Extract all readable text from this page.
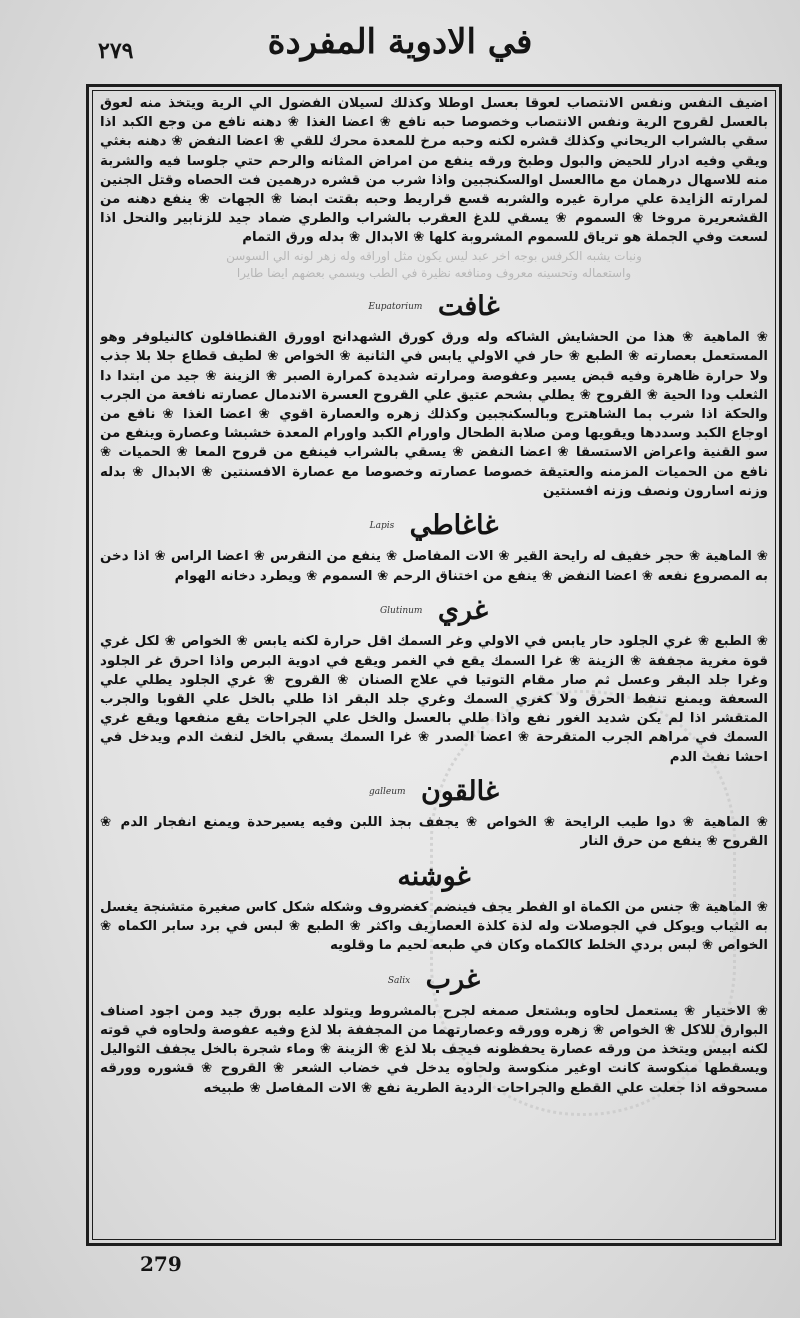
٢٧٩	في الادوية المفردة

اضيف النفس ونفس الانتصاب لعوقا بعسل اوطلا وكذلك لسيلان الفضول الي الرية ويتخذ منه لعوق بالعسل لقروح الرية ونفس الانتصاب وخصوصا حبه نافع ❀ اعضا الغذا ❀ دهنه نافع من وجع الكبد اذا سقي بالشراب الريحاني وكذلك قشره لكنه وحبه مرخ للمعدة محرك للقي ❀ اعضا النفض ❀ دهنه بغثي ويقي وفيه ادرار للحيض والبول وطبخ ورقه ينفع من امراض المثانه والرحم حتي جلوسا فيه والشربة منه للاسهال درهمان مع ماالعسل اوالسكنجبين واذا شرب من قشره درهمين فت الحصاه وقتل الجنين لمرارته الزايدة علي مرارة غيره والشربه قسع قراريط وحبه بقتت ابضا ❀ الجهات ❀ ينفع دهنه من القشعريرة مروخا ❀ السموم ❀ يسقي للدغ العقرب بالشراب والطري ضماد جيد للزنابير والنحل اذا لسعت وفي الجملة هو ترياق للسموم المشروبة كلها ❀ الابدال ❀ بدله ورق التمام

ونبات يشبه الكرفس بوجه اخر عبد ليس يكون مثل اوراقه وله زهر لونه الي السوسن
واستعماله وتحسينه معروف ومنافعه نظيرة في الطب ويسمي بعضهم ايضا طايرا
غافت Eupatorium

❀ الماهية ❀ هذا من الحشايش الشاكه وله ورق كورق الشهدانج اوورق القنطافلون كالنيلوفر وهو المستعمل بعصارته ❀ الطبع ❀ حار في الاولي يابس في الثانية ❀ الخواص ❀ لطيف قطاع جلا بلا جذب ولا حرارة ظاهرة وفيه قبض يسير وعفوصة ومرارته شديدة كمرارة الصبر ❀ الزينة ❀ جيد من ابتدا دا الثعلب ودا الحية ❀ القروح ❀ يطلي بشحم عتيق علي القروح العسرة الاندمال عصارته نافعة من الجرب والحكة اذا شرب بما الشاهترج وبالسكنجبين وكذلك زهره والعصارة اقوي ❀ اعضا الغذا ❀ نافع من اوجاع الكبد وسددها ويقويها ومن صلابة الطحال واورام الكبد واورام المعدة خشبشا وعصارة وينفع من سو القنية واعراض الاستسقا ❀ اعضا النفض ❀ يسقي بالشراب فينفع من قروح المعا ❀ الحميات ❀ نافع من الحميات المزمنه والعتيقة خصوصا عصارته وخصوصا مع عصارة الافسنتين ❀ الابدال ❀ بدله وزنه اسارون ونصف وزنه افسنتين

غاغاطي Lapis

❀ الماهية ❀ حجر خفيف له رايحة القير ❀ الات المفاصل ❀ ينفع من النقرس ❀ اعضا الراس ❀ اذا دخن به المصروع نفعه ❀ اعضا النفض ❀ ينفع من اختناق الرحم ❀ السموم ❀ ويطرد دخانه الهوام

غري Glutinum

❀ الطبع ❀ غري الجلود حار يابس في الاولي وغر السمك اقل حرارة لكنه يابس ❀ الخواص ❀ لكل غري قوة مغرية مجففة ❀ الزينة ❀ غرا السمك يقع في الغمر ويقع في ادوية البرص واذا احرق غر الجلود وغرا جلد البقر وعسل ثم صار مقام التوتيا في علاج الصنان ❀ القروح ❀ غري الجلود يطلي علي السعفة ويمنع تنفط الحرق ولا كغري السمك وغري جلد البقر اذا طلي بالخل علي القوبا والجرب المتقشر اذا لم يكن شديد الغور نفع واذا طلي بالعسل والخل علي الجراحات يقع منفعها ويقع غري السمك في مراهم الجرب المتقرحة ❀ اعضا الصدر ❀ غرا السمك يسقي بالخل لنفث الدم ويدخل في احشا نفث الدم

غالقون galleum

❀ الماهية ❀ دوا طيب الرايحة ❀ الخواص ❀ يجفف بجذ اللبن وفيه يسيرحدة ويمنع انفجار الدم ❀ القروح ❀ ينفع من حرق النار

غوشنه

❀ الماهية ❀ جنس من الكماة او الفطر يجف فينضم كغضروف وشكله شكل كاس صغيرة متشنجة يغسل به الثياب ويوكل في الجوصلات وله لذة كلذة العصاريف واكثر ❀ الطبع ❀ لبس في برد سابر الكماه ❀ الخواص ❀ لبس بردي الخلط كالكماه وكان في طبعه لحيم ما وقلويه

غرب Salix

❀ الاختيار ❀ يستعمل لحاوه وبشتعل صمغه لجرح بالمشروط ويتولد عليه بورق جيد ومن اجود اصناف البوارق للاكل ❀ الخواص ❀ زهره وورقه وعصارتهما من المجففة بلا لذع وفيه عفوصة ولحاوه في قوته لكنه ابيس ويتخذ من ورقه عصارة يحفظونه فيجف بلا لذع ❀ الزينة ❀ وماء شجرة بالخل يجفف الثواليل ويسقطها منكوسة كانت اوغير منكوسة ولحاوه يدخل في خضاب الشعر ❀ القروح ❀ قشوره وورقه مسحوقه اذا جعلت علي القطع والجراحات الردية الطرية نفع ❀ الات المفاصل ❀ طبيخه

279
